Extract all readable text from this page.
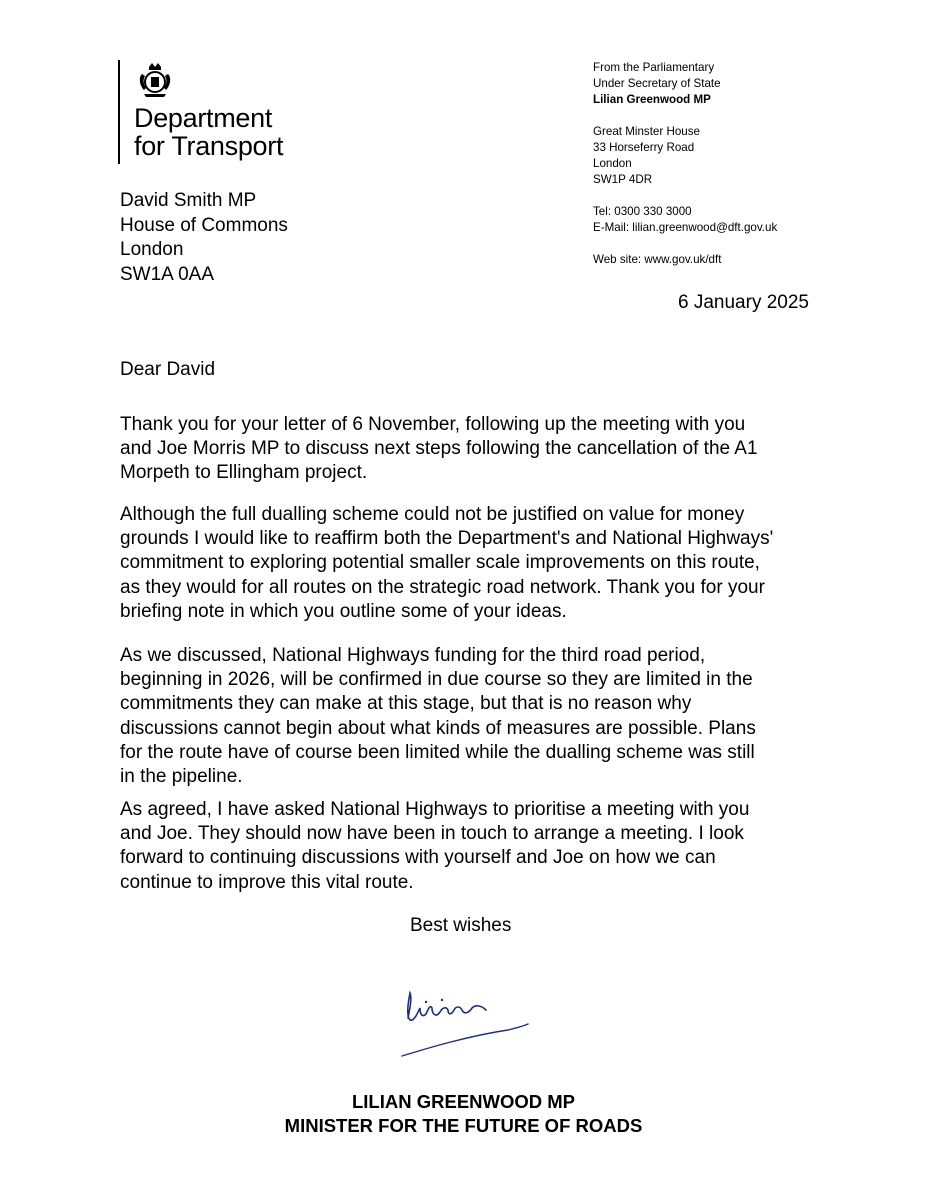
Department
for Transport
From the Parliamentary
Under Secretary of State
Lilian Greenwood MP
Great Minster House
33 Horseferry Road
London
SW1P 4DR
Tel: 0300 330 3000
E-Mail: lilian.greenwood@dft.gov.uk
Web site: www.gov.uk/dft
David Smith MP
House of Commons
London
SW1A 0AA
6 January 2025
Dear David
Thank you for your letter of 6 November, following up the meeting with you
and Joe Morris MP to discuss next steps following the cancellation of the A1
Morpeth to Ellingham project.
Although the full dualling scheme could not be justified on value for money
grounds I would like to reaffirm both the Department's and National Highways'
commitment to exploring potential smaller scale improvements on this route,
as they would for all routes on the strategic road network. Thank you for your
briefing note in which you outline some of your ideas.
As we discussed, National Highways funding for the third road period,
beginning in 2026, will be confirmed in due course so they are limited in the
commitments they can make at this stage, but that is no reason why
discussions cannot begin about what kinds of measures are possible. Plans
for the route have of course been limited while the dualling scheme was still
in the pipeline.
As agreed, I have asked National Highways to prioritise a meeting with you
and Joe. They should now have been in touch to arrange a meeting. I look
forward to continuing discussions with yourself and Joe on how we can
continue to improve this vital route.
Best wishes
LILIAN GREENWOOD MP
MINISTER FOR THE FUTURE OF ROADS
